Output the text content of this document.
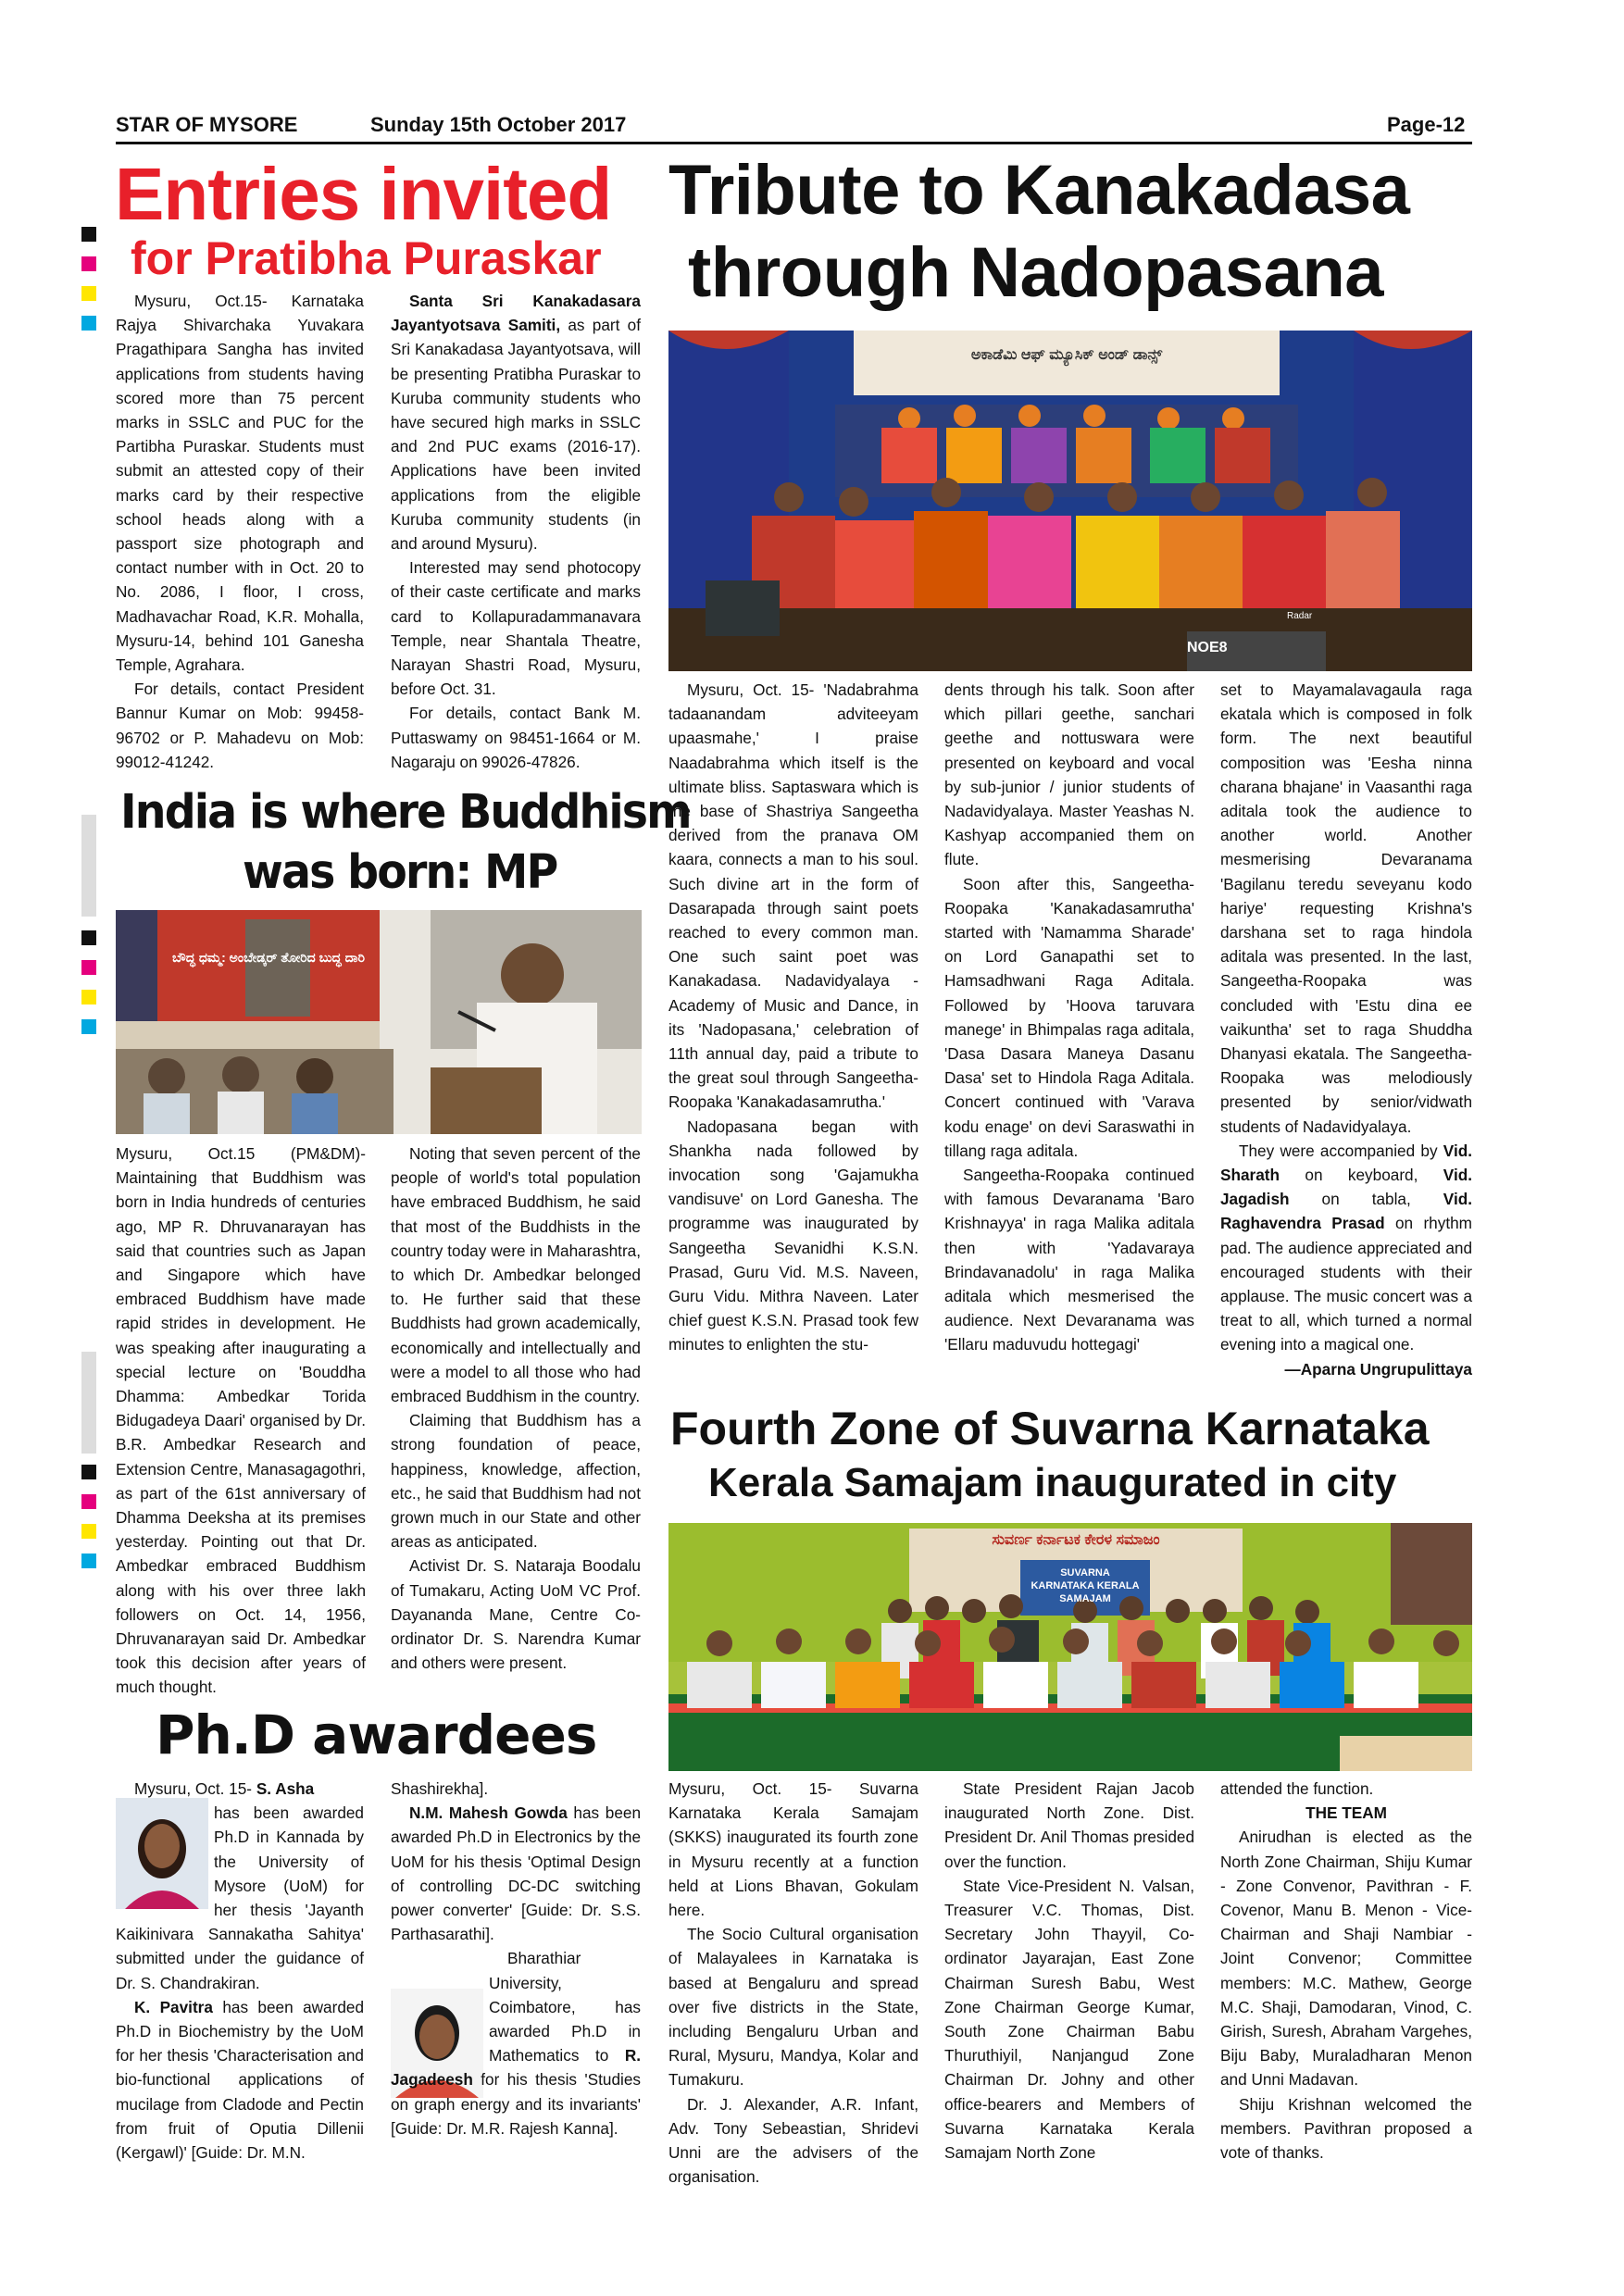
STAR OF MYSORE	Sunday 15th October 2017	Page-12
Entries invited
for Pratibha Puraskar

Mysuru, Oct.15- Karnataka Rajya Shivarchaka Yuvakara Pragathipara Sangha has invited applications from students having scored more than 75 percent marks in SSLC and PUC for the Partibha Puraskar. Students must submit an attested copy of their marks card by their respective school heads along with a passport size photograph and contact number with in Oct. 20 to No. 2086, I floor, I cross, Madhavachar Road, K.R. Mohalla, Mysuru-14, behind 101 Ganesha Temple, Agrahara.

For details, contact President Bannur Kumar on Mob: 99458-96702 or P. Mahadevu on Mob: 99012-41242.

Santa Sri Kanakadasara Jayantyotsava Samiti, as part of Sri Kanakadasa Jayantyotsava, will be presenting Pratibha Puraskar to Kuruba community students who have secured high marks in SSLC and 2nd PUC exams (2016-17). Applications have been invited applications from the eligible Kuruba community students (in and around Mysuru).

Interested may send photocopy of their caste certificate and marks card to Kollapuradammanavara Temple, near Shantala Theatre, Narayan Shastri Road, Mysuru, before Oct. 31.

For details, contact Bank M. Puttaswamy on 98451-1664 or M. Nagaraju on 99026-47826.

India is where Buddhism
was born: MP
ಬೌದ್ಧ ಧಮ್ಮ: ಅಂಬೇಡ್ಕರ್ ತೋರಿದ ಬುದ್ಧ ದಾರಿ

Mysuru, Oct.15 (PM&DM)- Maintaining that Buddhism was born in India hundreds of centuries ago, MP R. Dhruvanarayan has said that countries such as Japan and Singapore which have embraced Buddhism have made rapid strides in development. He was speaking after inaugurating a special lecture on 'Bouddha Dhamma: Ambedkar Torida Bidugadeya Daari' organised by Dr. B.R. Ambedkar Research and Extension Centre, Manasagagothri, as part of the 61st anniversary of Dhamma Deeksha at its premises yesterday. Pointing out that Dr. Ambedkar embraced Buddhism along with his over three lakh followers on Oct. 14, 1956, Dhruvanarayan said Dr. Ambedkar took this decision after years of much thought.

Noting that seven percent of the people of world's total population have embraced Buddhism, he said that most of the Buddhists in the country today were in Maharashtra, to which Dr. Ambedkar belonged to. He further said that these Buddhists had grown academically, economically and intellectually and were a model to all those who had embraced Buddhism in the country.

Claiming that Buddhism has a strong foundation of peace, happiness, knowledge, affection, etc., he said that Buddhism had not grown much in our State and other areas as anticipated.

Activist Dr. S. Nataraja Boodalu of Tumakaru, Acting UoM VC Prof. Dayananda Mane, Centre Co-ordinator Dr. S. Narendra Kumar and others were present.

Ph.D awardees
Mysuru, Oct. 15- S. Asha
has been awarded Ph.D in Kannada by the University of Mysore (UoM) for her thesis 'Jayanth Kaikinivara Sannakatha Sahitya' submitted under the guidance of Dr. S. Chandrakiran.
K. Pavitra has been awarded Ph.D in Biochemistry by the UoM for her thesis 'Characterisation and bio-functional applications of mucilage from Cladode and Pectin from fruit of Oputia Dillenii (Kergawl)' [Guide: Dr. M.N.
Shashirekha].
N.M. Mahesh Gowda has been awarded Ph.D in Electronics by the UoM for his thesis 'Optimal Design of controlling DC-DC switching power converter' [Guide: Dr. S.S. Parthasarathi].
Bharathiar University, Coimbatore, has awarded Ph.D in Mathematics to R. Jagadeesh for his thesis 'Studies on graph energy and its invariants' [Guide: Dr. M.R. Rajesh Kanna].
Tribute to Kanakadasa
through Nadopasana
ಅಕಾಡೆಮಿ ಆಫ್ ಮ್ಯೂಸಿಕ್ ಅಂಡ್ ಡಾನ್ಸ್
Radar
NOE8

Mysuru, Oct. 15- 'Nadabrahma tadaanandam adviteeyam upaasmahe,' I praise Naadabrahma which itself is the ultimate bliss. Saptaswara which is the base of Shastriya Sangeetha derived from the pranava OM kaara, connects a man to his soul. Such divine art in the form of Dasarapada through saint poets reached to every common man. One such saint poet was Kanakadasa. Nadavidyalaya - Academy of Music and Dance, in its 'Nadopasana,' celebration of 11th annual day, paid a tribute to the great soul through Sangeetha-Roopaka 'Kanakadasamrutha.'

Nadopasana began with Shankha nada followed by invocation song 'Gajamukha vandisuve' on Lord Ganesha. The programme was inaugurated by Sangeetha Sevanidhi K.S.N. Prasad, Guru Vid. M.S. Naveen, Guru Vidu. Mithra Naveen. Later chief guest K.S.N. Prasad took few minutes to enlighten the stu-

dents through his talk. Soon after which pillari geethe, sanchari geethe and nottuswara were presented on keyboard and vocal by sub-junior / junior students of Nadavidyalaya. Master Yeashas N. Kashyap accompanied them on flute.

Soon after this, Sangeetha-Roopaka 'Kanakadasamrutha' started with 'Namamma Sharade' on Lord Ganapathi set to Hamsadhwani Raga Aditala. Followed by 'Hoova taruvara manege' in Bhimpalas raga aditala, 'Dasa Dasara Maneya Dasanu Dasa' set to Hindola Raga Aditala. Concert continued with 'Varava kodu enage' on devi Saraswathi in tillang raga aditala.

Sangeetha-Roopaka continued with famous Devaranama 'Baro Krishnayya' in raga Malika aditala then with 'Yadavaraya Brindavanadolu' in raga Malika aditala which mesmerised the audience. Next Devaranama was 'Ellaru maduvudu hottegagi'

set to Mayamalavagaula raga ekatala which is composed in folk form. The next beautiful composition was 'Eesha ninna charana bhajane' in Vaasanthi raga aditala took the audience to another world. Another mesmerising Devaranama 'Bagilanu teredu seveyanu kodo hariye' requesting Krishna's darshana set to raga hindola aditala was presented. In the last, Sangeetha-Roopaka was concluded with 'Estu dina ee vaikuntha' set to raga Shuddha Dhanyasi ekatala. The Sangeetha-Roopaka was melodiously presented by senior/vidwath students of Nadavidyalaya.

They were accompanied by Vid. Sharath on keyboard, Vid. Jagadish on tabla, Vid. Raghavendra Prasad on rhythm pad. The audience appreciated and encouraged students with their applause. The music concert was a treat to all, which turned a normal evening into a magical one.

—Aparna Ungrupulittaya
Fourth Zone of Suvarna Karnataka
Kerala Samajam inaugurated in city
ಸುವರ್ಣ ಕರ್ನಾಟಕ ಕೇರಳ ಸಮಾಜಂ
SUVARNA KARNATAKA KERALA SAMAJAM

Mysuru, Oct. 15- Suvarna Karnataka Kerala Samajam (SKKS) inaugurated its fourth zone in Mysuru recently at a function held at Lions Bhavan, Gokulam here.

The Socio Cultural organisation of Malayalees in Karnataka is based at Bengaluru and spread over five districts in the State, including Bengaluru Urban and Rural, Mysuru, Mandya, Kolar and Tumakuru.

Dr. J. Alexander, A.R. Infant, Adv. Tony Sebeastian, Shridevi Unni are the advisers of the organisation.

State President Rajan Jacob inaugurated North Zone. Dist. President Dr. Anil Thomas presided over the function.

State Vice-President N. Valsan, Treasurer V.C. Thomas, Dist. Secretary John Thayyil, Co-ordinator Jayarajan, East Zone Chairman Suresh Babu, West Zone Chairman George Kumar, South Zone Chairman Babu Thuruthiyil, Nanjangud Zone Chairman Dr. Johny and other office-bearers and Members of Suvarna Karnataka Kerala Samajam North Zone

attended the function.

THE TEAM

Anirudhan is elected as the North Zone Chairman, Shiju Kumar - Zone Convenor, Pavithran - F. Covenor, Manu B. Menon - Vice-Chairman and Shaji Nambiar - Joint Convenor; Committee members: M.C. Mathew, George M.C. Shaji, Damodaran, Vinod, C. Girish, Suresh, Abraham Vargehes, Biju Baby, Muraladharan Menon and Unni Madavan.

Shiju Krishnan welcomed the members. Pavithran proposed a vote of thanks.
